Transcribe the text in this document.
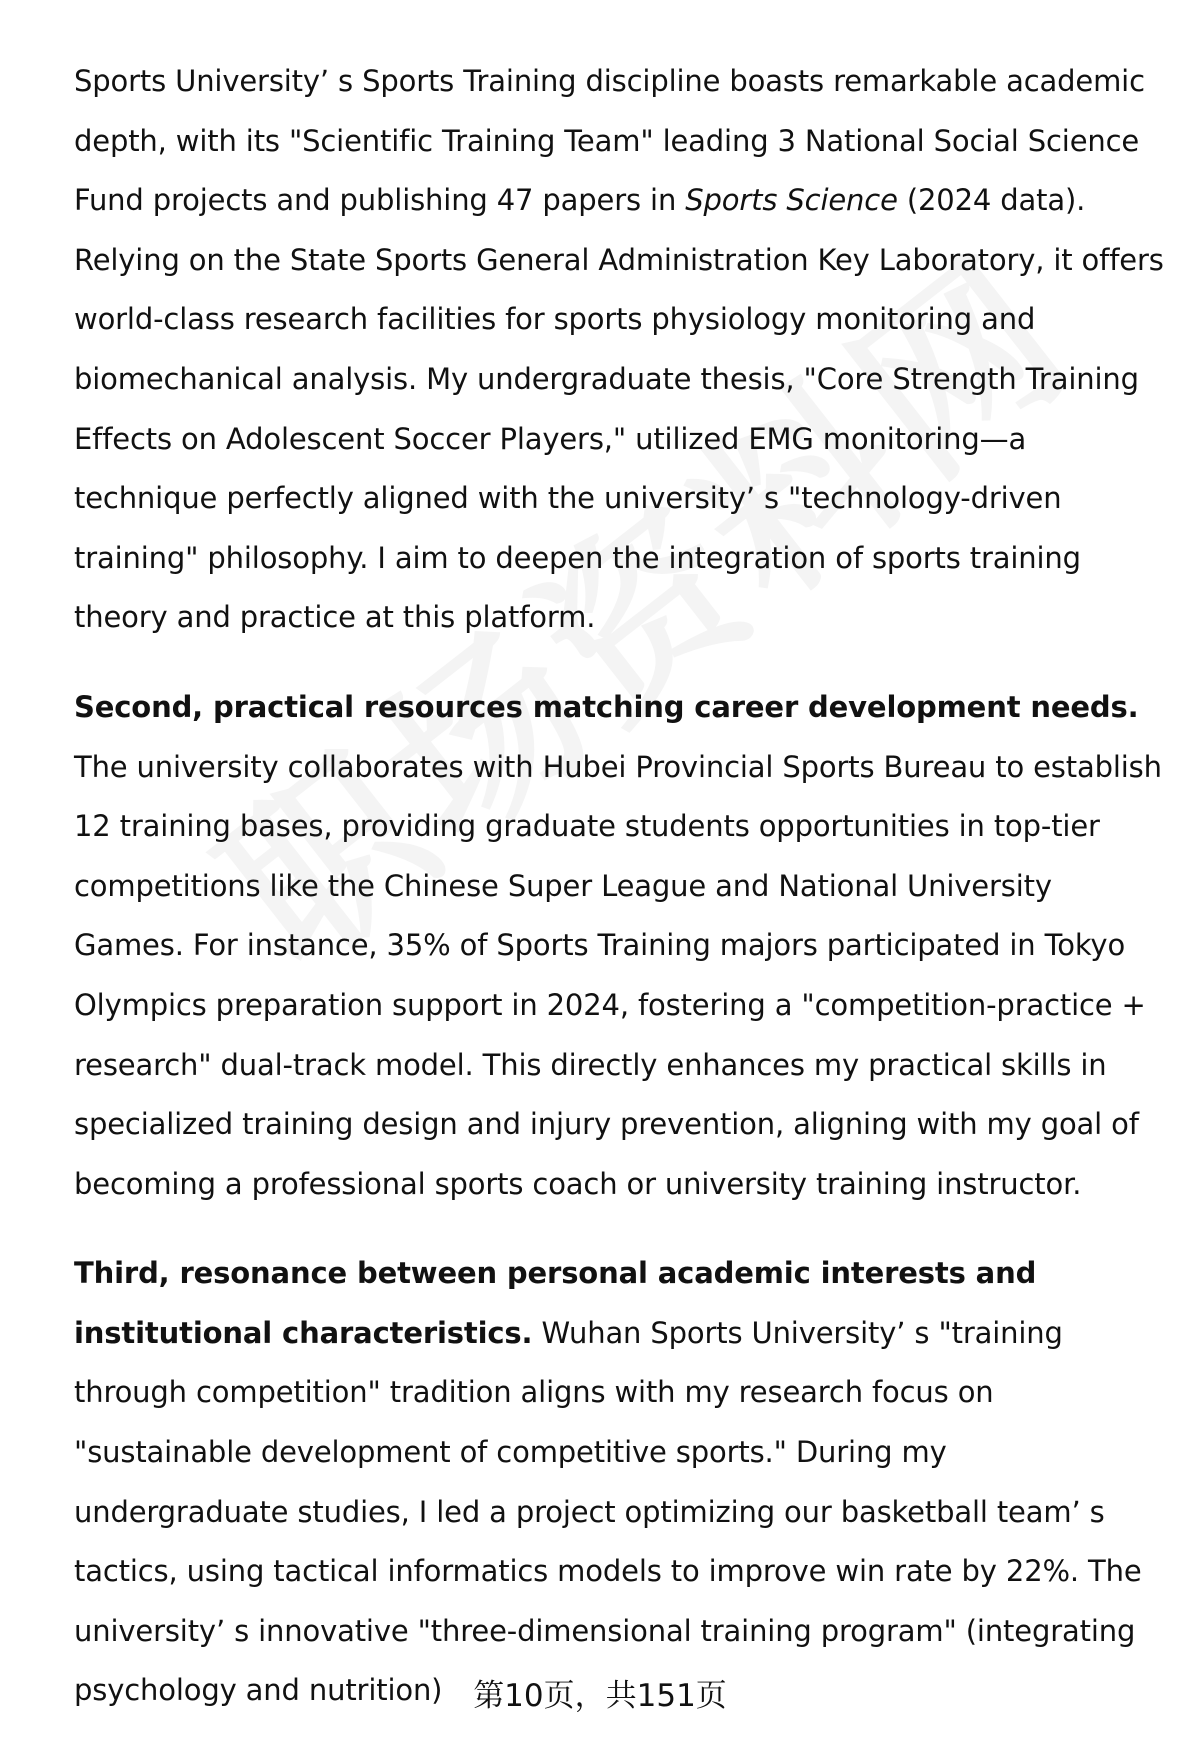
Sports University’ s Sports Training discipline boasts remarkable academic depth, with its "Scientific Training Team" leading 3 National Social Science Fund projects and publishing 47 papers in Sports Science (2024 data). Relying on the State Sports General Administration Key Laboratory, it offers world-class research facilities for sports physiology monitoring and biomechanical analysis. My undergraduate thesis, "Core Strength Training Effects on Adolescent Soccer Players," utilized EMG monitoring—a technique perfectly aligned with the university’ s "technology-driven training" philosophy. I aim to deepen the integration of sports training theory and practice at this platform.

Second, practical resources matching career development needs. The university collaborates with Hubei Provincial Sports Bureau to establish 12 training bases, providing graduate students opportunities in top-tier competitions like the Chinese Super League and National University Games. For instance, 35% of Sports Training majors participated in Tokyo Olympics preparation support in 2024, fostering a "competition-practice + research" dual-track model. This directly enhances my practical skills in specialized training design and injury prevention, aligning with my goal of becoming a professional sports coach or university training instructor.

Third, resonance between personal academic interests and institutional characteristics. Wuhan Sports University’ s "training through competition" tradition aligns with my research focus on "sustainable development of competitive sports." During my undergraduate studies, I led a project optimizing our basketball team’ s tactics, using tactical informatics models to improve win rate by 22%. The university’ s innovative "three-dimensional training program" (integrating psychology and nutrition) 第10页，共151页
